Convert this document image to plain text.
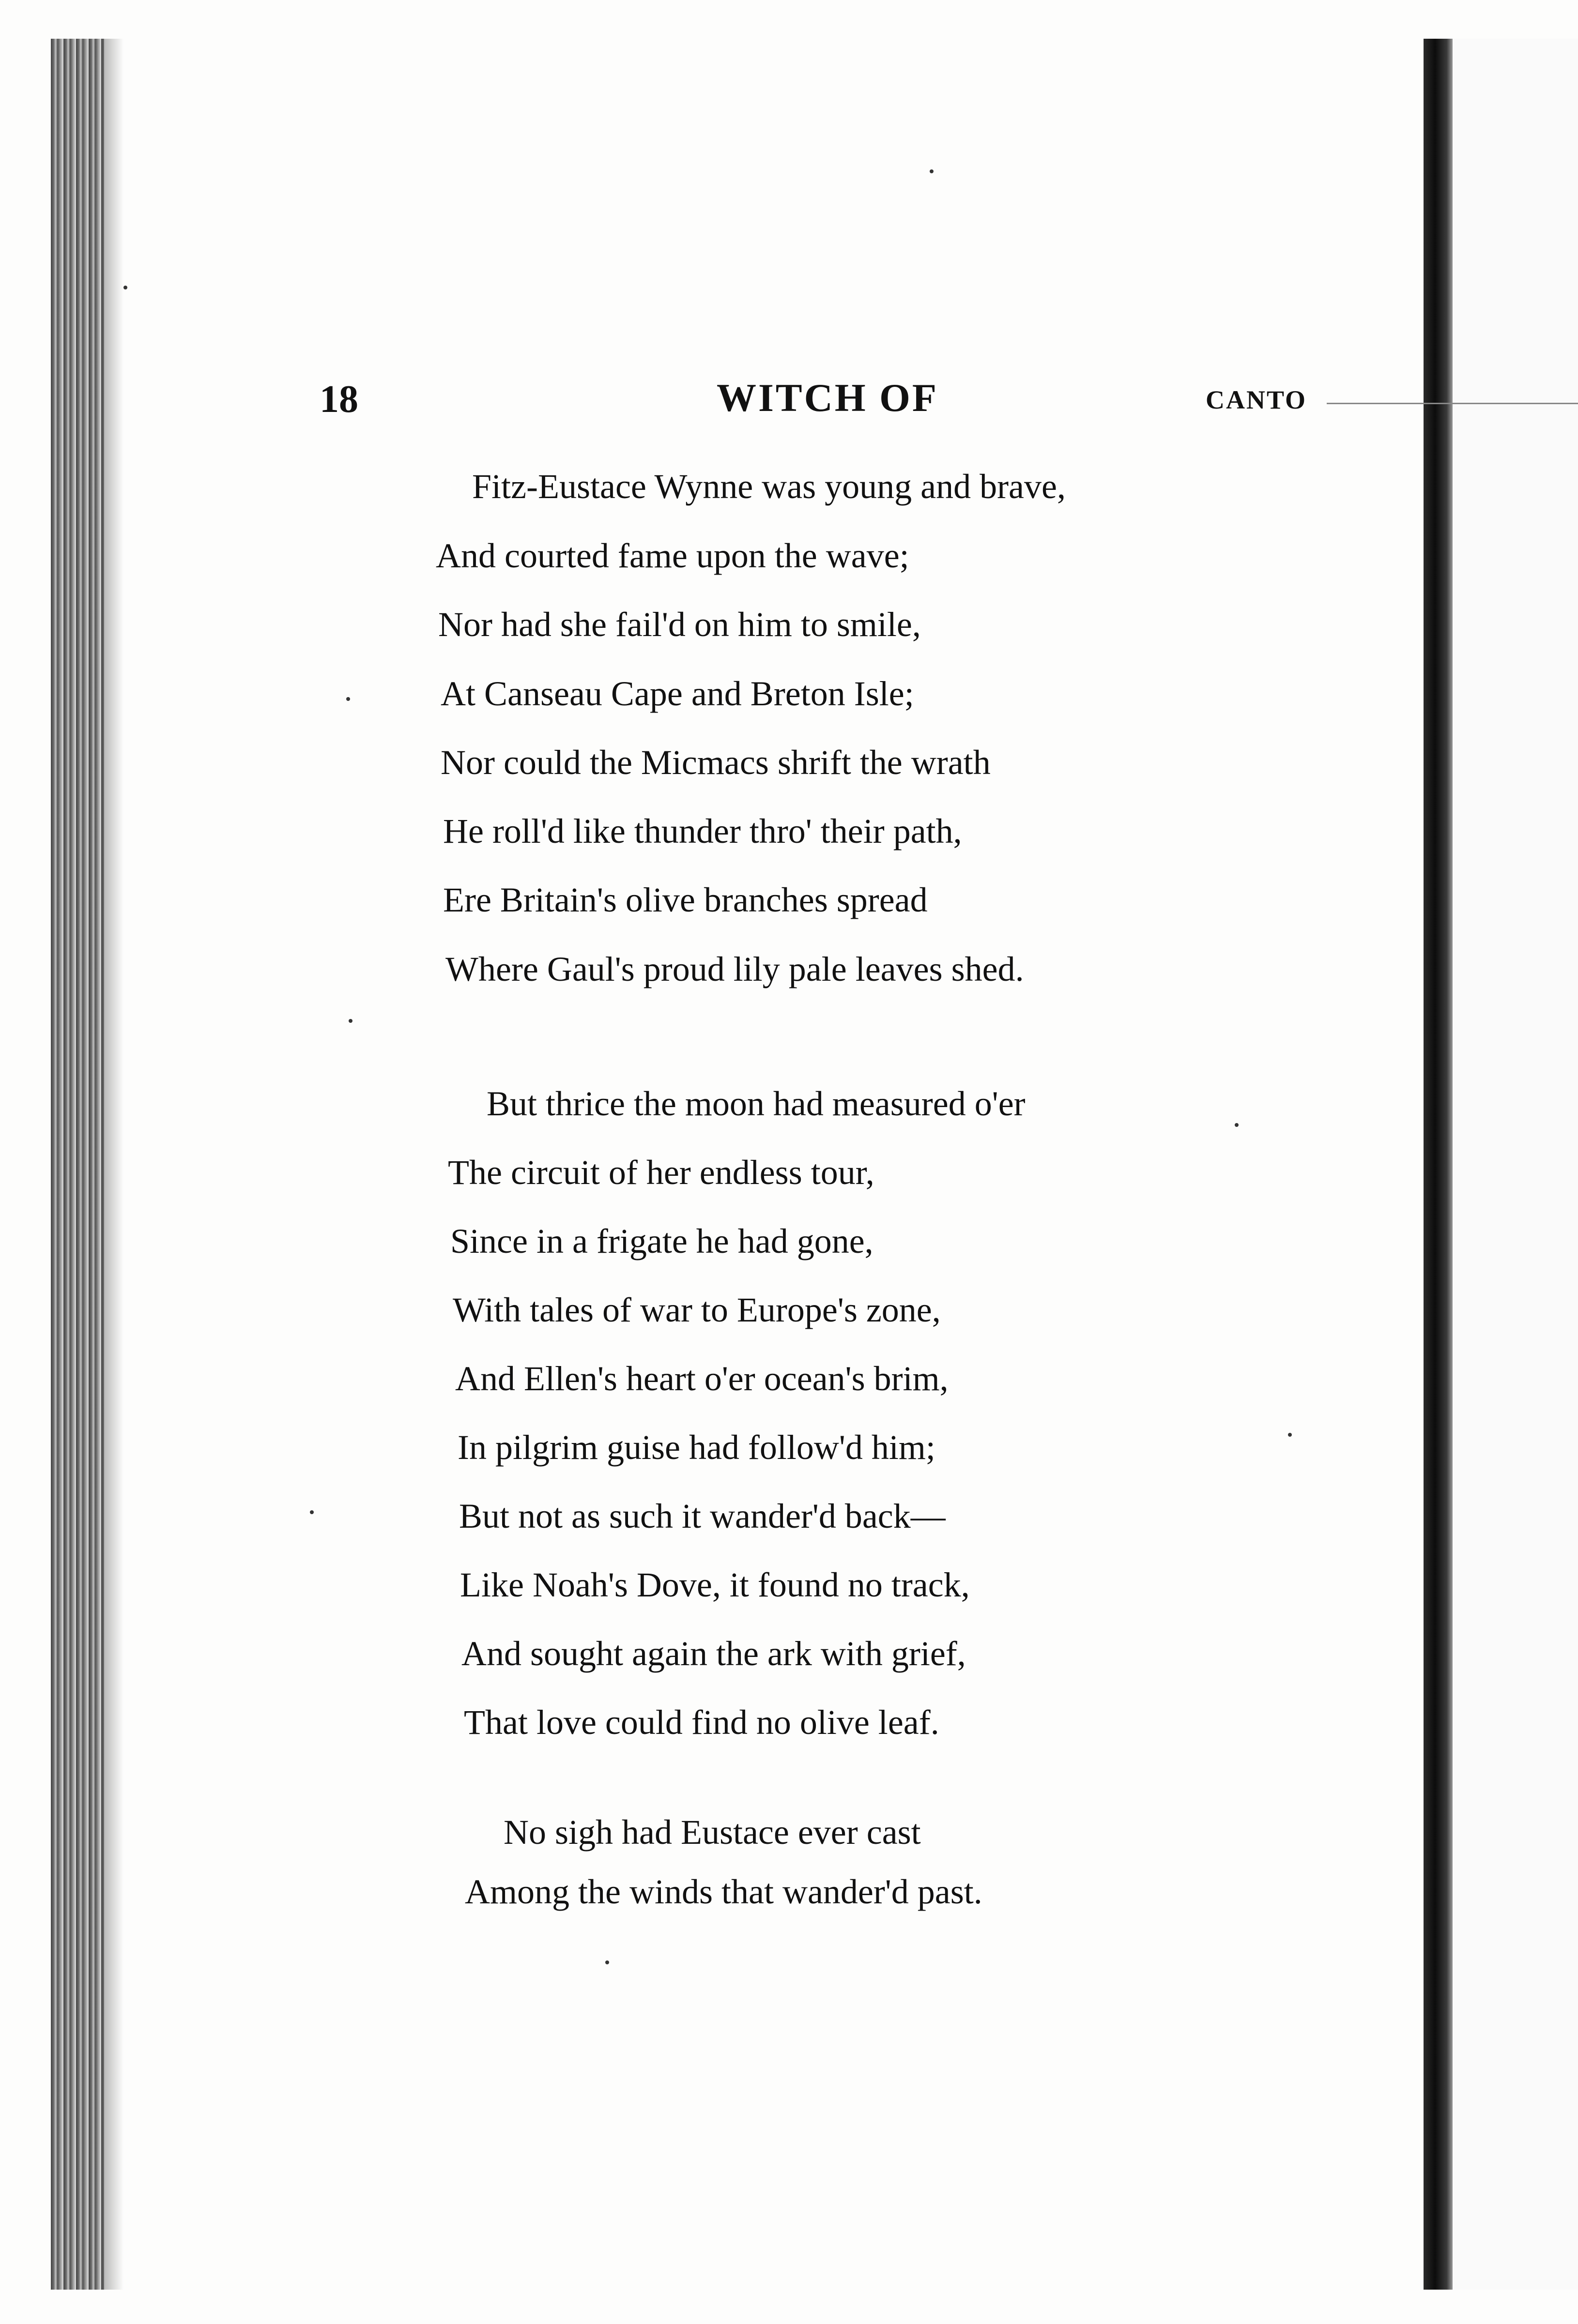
18	WITCH OF	CANTO
Fitz-Eustace Wynne was young and brave,
And courted fame upon the wave;
Nor had she fail'd on him to smile,
At Canseau Cape and Breton Isle;
Nor could the Micmacs shrift the wrath
He roll'd like thunder thro' their path,
Ere Britain's olive branches spread
Where Gaul's proud lily pale leaves shed.
But thrice the moon had measured o'er
The circuit of her endless tour,
Since in a frigate he had gone,
With tales of war to Europe's zone,
And Ellen's heart o'er ocean's brim,
In pilgrim guise had follow'd him;
But not as such it wander'd back—
Like Noah's Dove, it found no track,
And sought again the ark with grief,
That love could find no olive leaf.
No sigh had Eustace ever cast
Among the winds that wander'd past.
